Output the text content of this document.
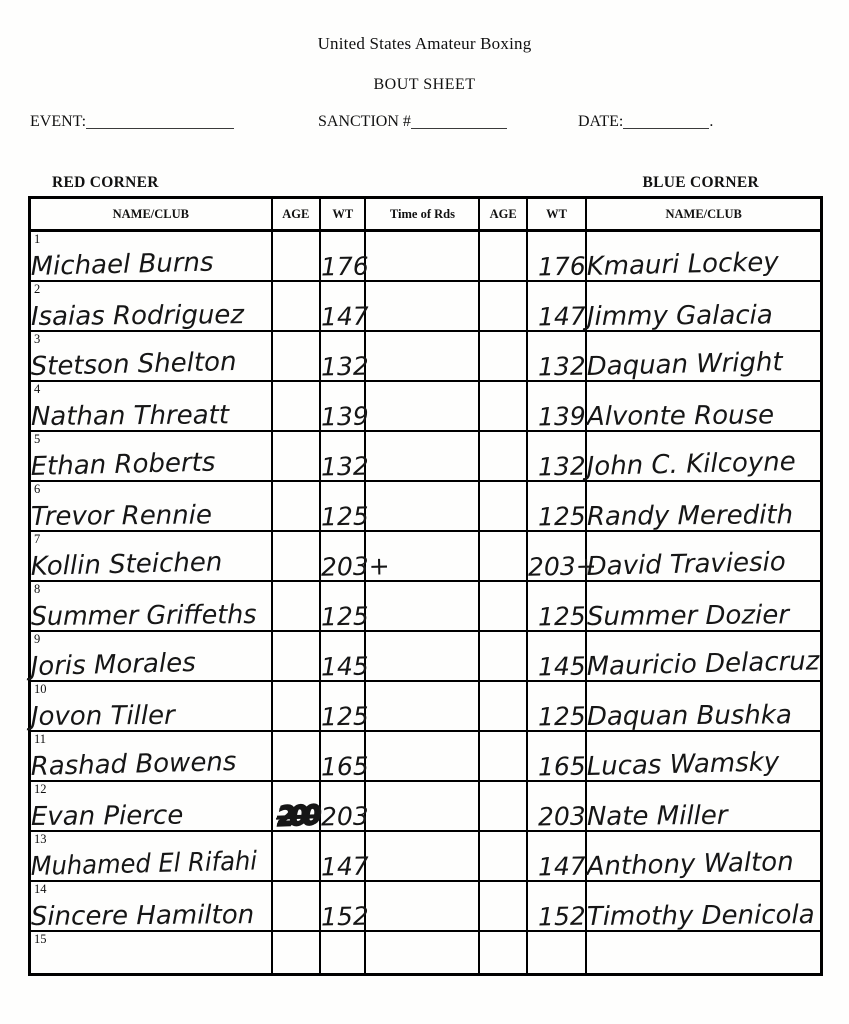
United States Amateur Boxing
BOUT SHEET
EVENT:	SANCTION #	DATE:	.
RED CORNER	BLUE CORNER
NAME/CLUB	AGE	WT	Time of Rds	AGE	WT	NAME/CLUB

1
Michael Burns		176			176	Kmauri Lockey

2
Isaias Rodriguez		147			147	Jimmy Galacia

3
Stetson Shelton		132			132	Daquan Wright

4
Nathan Threatt		139			139	Alvonte Rouse

5
Ethan Roberts		132			132	John C. Kilcoyne

6
Trevor Rennie		125			125	Randy Meredith

7
Kollin Steichen		203+			203+	David Traviesio

8
Summer Griffeths		125			125	Summer Dozier

9
Joris Morales		145			145	Mauricio Delacruz

10
Jovon Tiller		125			125	Daquan Bushka

11
Rashad Bowens		165			165	Lucas Wamsky

12
Evan Pierce	200	203			203	Nate Miller

13
Muhamed El Rifahi		147			147	Anthony Walton

14
Sincere Hamilton		152			152	Timothy Denicola

15						
